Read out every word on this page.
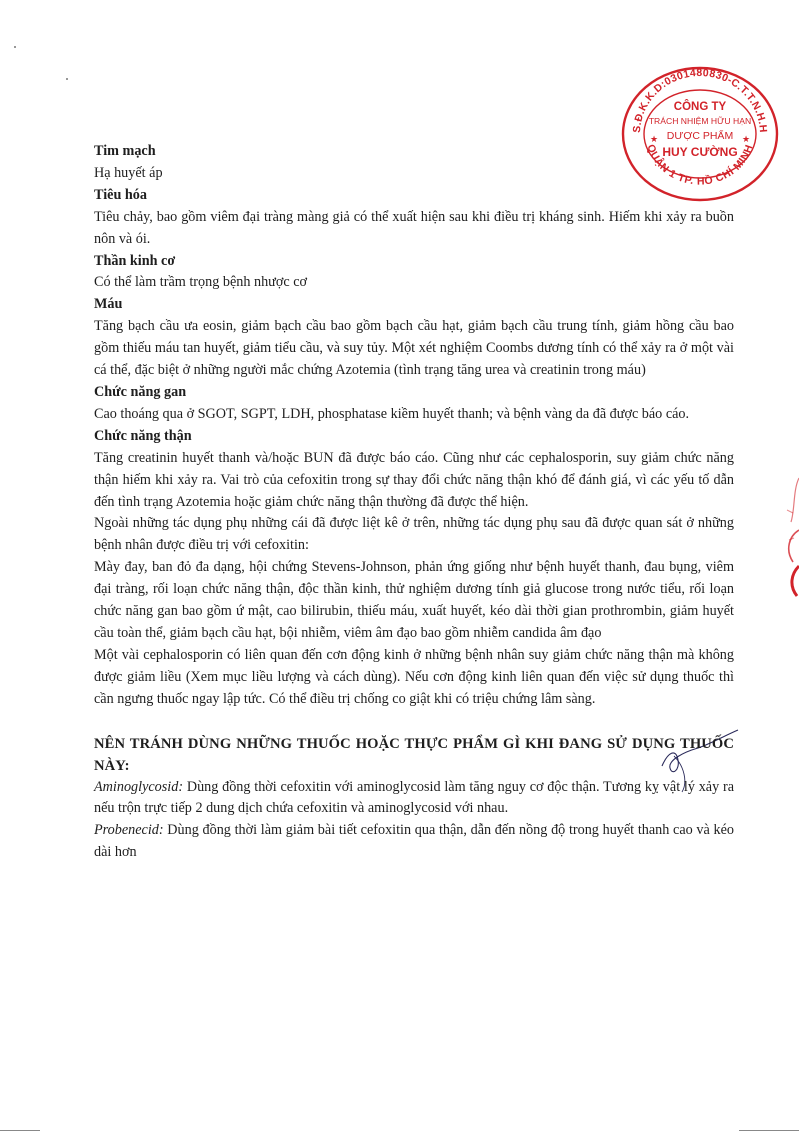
S.Đ.K.K.D:0301480830-C.T.T.N.H.H
QUẬN 1 TP. HỒ CHÍ MINH
CÔNG TY
TRÁCH NHIỆM HỮU HẠN
DƯỢC PHẨM
HUY CƯỜNG
★	★

Tim mạch

Hạ huyết áp

Tiêu hóa

Tiêu chảy, bao gồm viêm đại tràng màng giả có thể xuất hiện sau khi điều trị kháng sinh. Hiếm khi xảy ra buồn nôn và ói.

Thần kinh cơ

Có thể làm trầm trọng bệnh nhược cơ

Máu

Tăng bạch cầu ưa eosin, giảm bạch cầu bao gồm bạch cầu hạt, giảm bạch cầu trung tính, giảm hồng cầu bao gồm thiếu máu tan huyết, giảm tiểu cầu, và suy tủy. Một xét nghiệm Coombs dương tính có thể xảy ra ở một vài cá thể, đặc biệt ở những người mắc chứng Azotemia (tình trạng tăng urea và creatinin trong máu)

Chức năng gan

Cao thoáng qua ở SGOT, SGPT, LDH, phosphatase kiềm huyết thanh; và bệnh vàng da đã được báo cáo.

Chức năng thận

Tăng creatinin huyết thanh và/hoặc BUN đã được báo cáo. Cũng như các cephalosporin, suy giảm chức năng thận hiếm khi xảy ra. Vai trò của cefoxitin trong sự thay đổi chức năng thận khó để đánh giá, vì các yếu tố dẫn đến tình trạng Azotemia hoặc giảm chức năng thận thường đã được thể hiện.

Ngoài những tác dụng phụ những cái đã được liệt kê ở trên, những tác dụng phụ sau đã được quan sát ở những bệnh nhân được điều trị với cefoxitin:

Mày đay, ban đỏ đa dạng, hội chứng Stevens-Johnson, phản ứng giống như bệnh huyết thanh, đau bụng, viêm đại tràng, rối loạn chức năng thận, độc thần kinh, thử nghiệm dương tính giả glucose trong nước tiểu, rối loạn chức năng gan bao gồm ứ mật, cao bilirubin, thiếu máu, xuất huyết, kéo dài thời gian prothrombin, giảm huyết cầu toàn thể, giảm bạch cầu hạt, bội nhiễm, viêm âm đạo bao gồm nhiễm candida âm đạo

Một vài cephalosporin có liên quan đến cơn động kinh ở những bệnh nhân suy giảm chức năng thận mà không được giảm liều (Xem mục liều lượng và cách dùng). Nếu cơn động kinh liên quan đến việc sử dụng thuốc thì cần ngưng thuốc ngay lập tức. Có thể điều trị chống co giật khi có triệu chứng lâm sàng.

NÊN TRÁNH DÙNG NHỮNG THUỐC HOẶC THỰC PHẨM GÌ KHI ĐANG SỬ DỤNG THUỐC NÀY:

Aminoglycosid: Dùng đồng thời cefoxitin với aminoglycosid làm tăng nguy cơ độc thận. Tương kỵ vật lý xảy ra nếu trộn trực tiếp 2 dung dịch chứa cefoxitin và aminoglycosid với nhau.

Probenecid: Dùng đồng thời làm giảm bài tiết cefoxitin qua thận, dẫn đến nồng độ trong huyết thanh cao và kéo dài hơn
